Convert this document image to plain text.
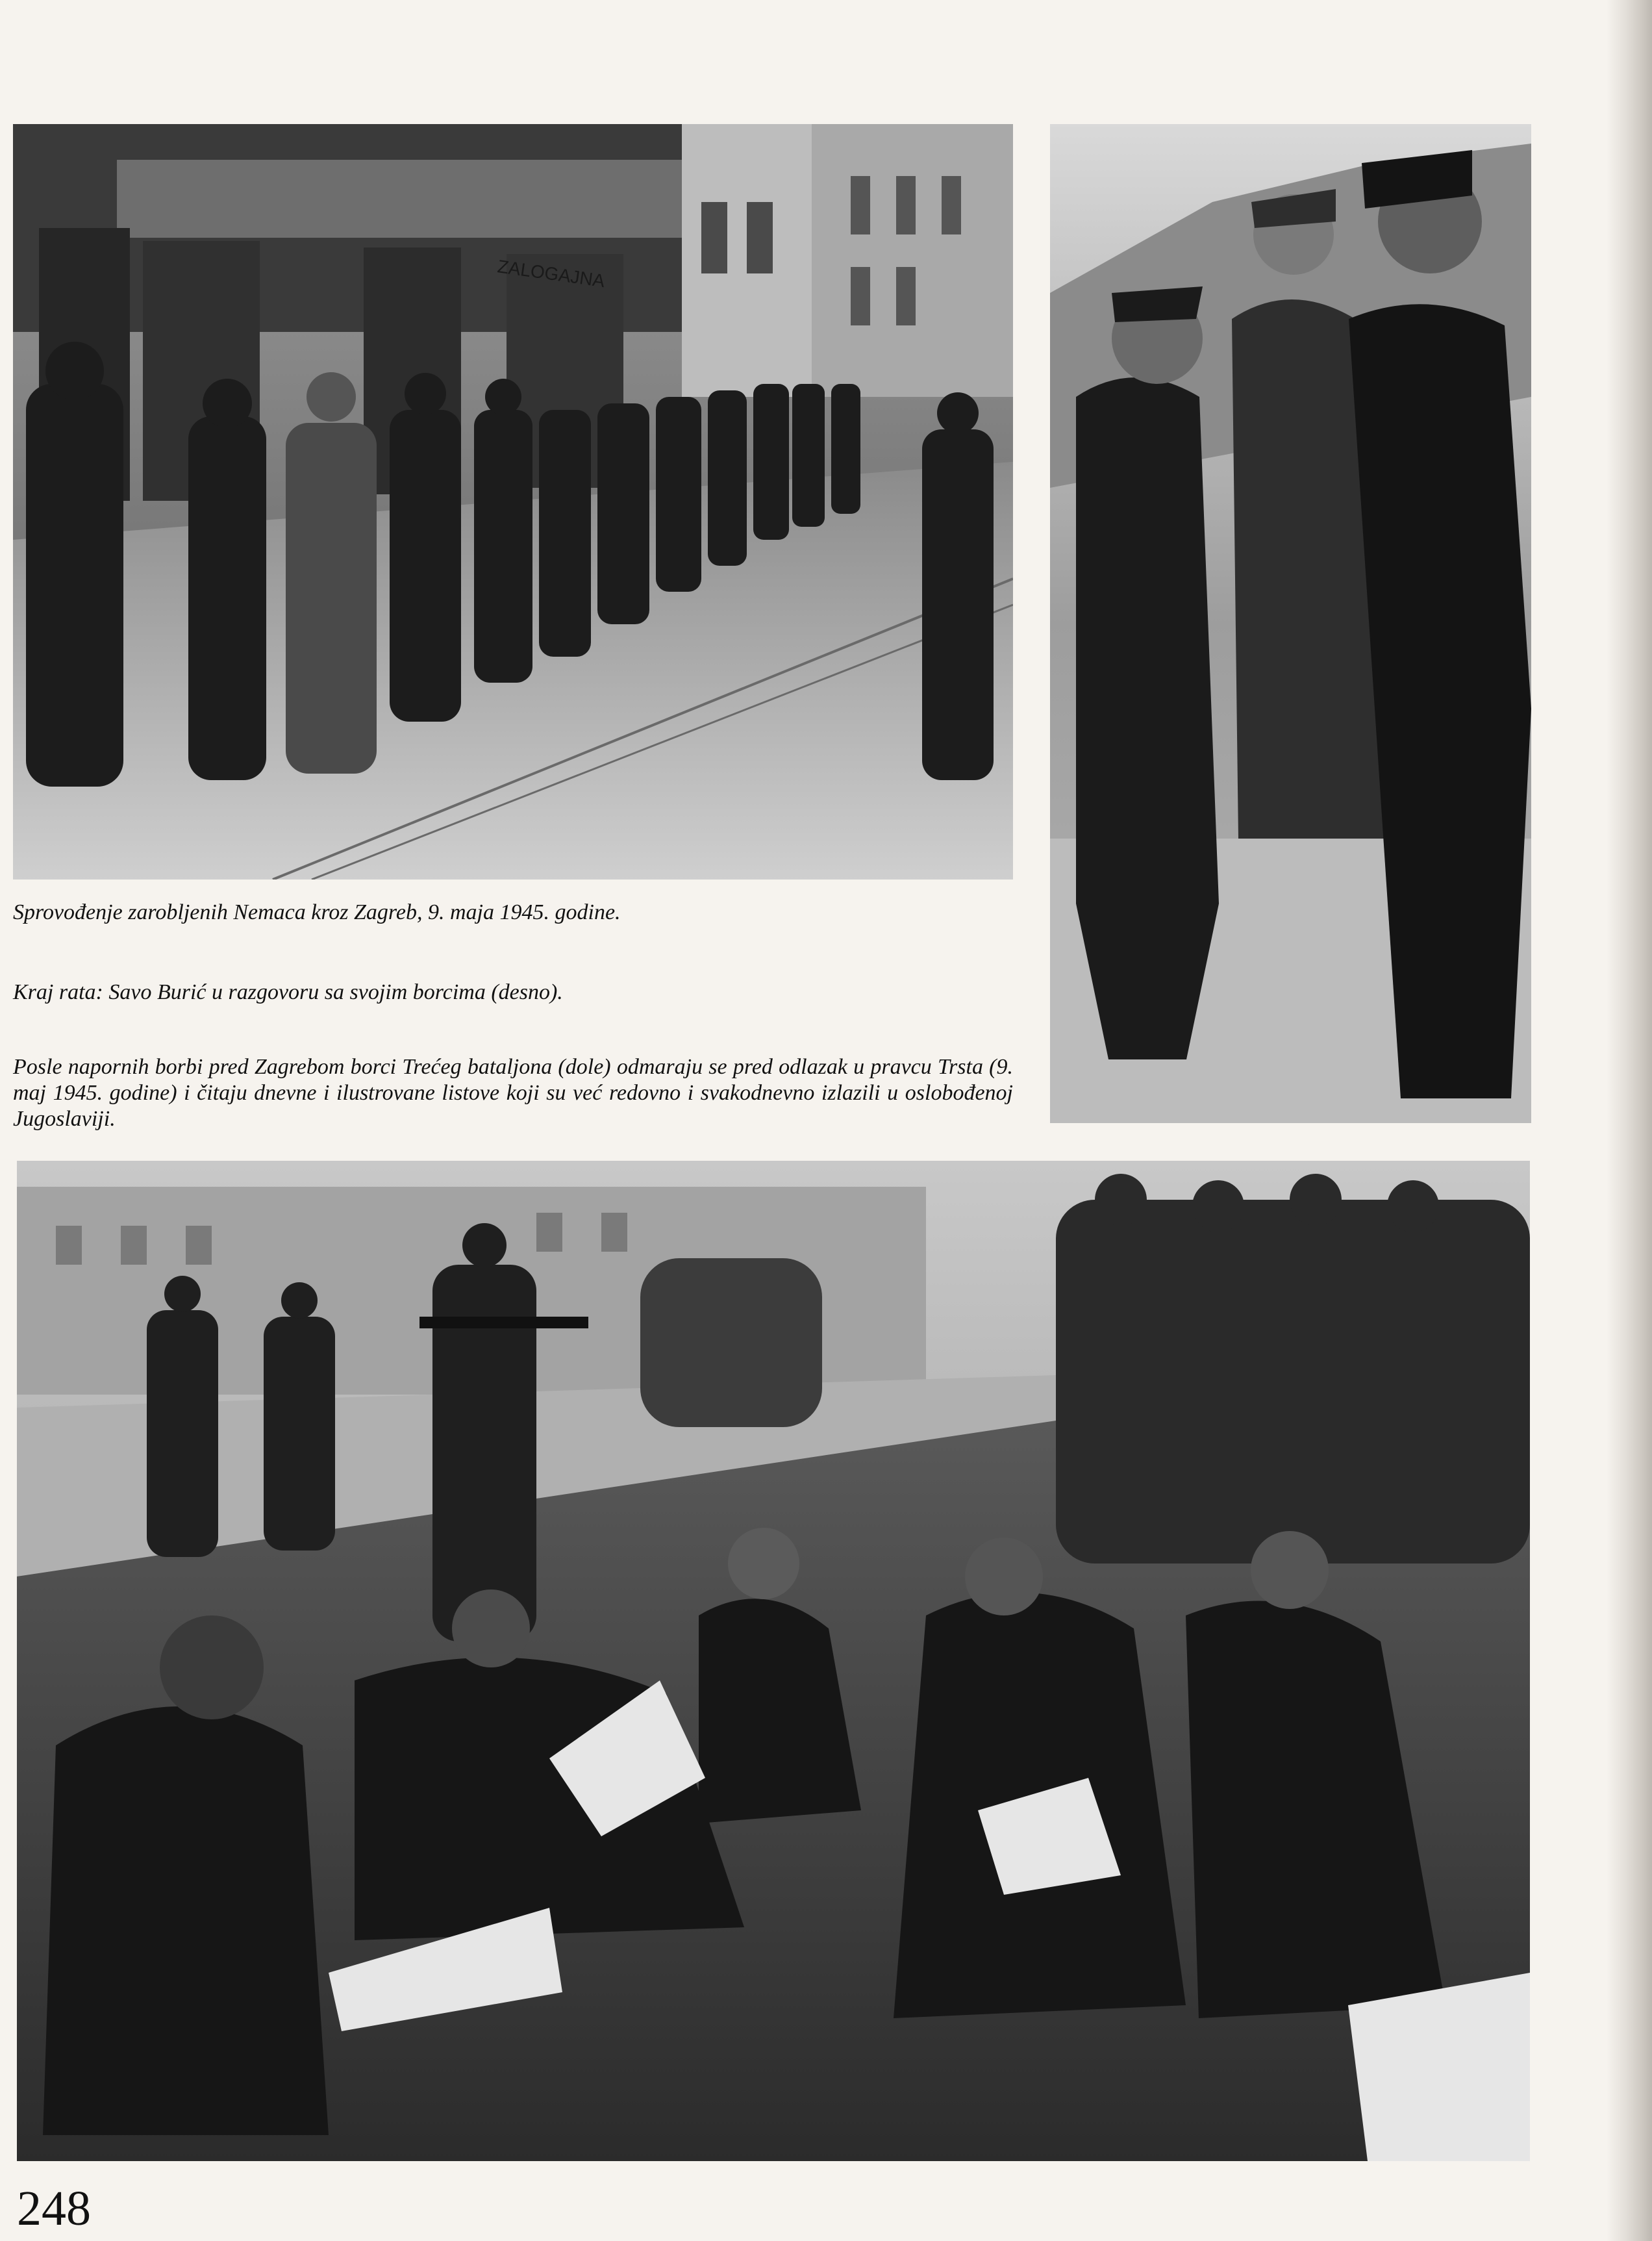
ZALOGAJNA
Sprovođenje zarobljenih Nemaca kroz Zagreb, 9. maja 1945. godine.
Kraj rata: Savo Burić u razgovoru sa svojim borcima (desno).
Posle napornih borbi pred Zagrebom borci Trećeg bataljona (dole) odmaraju se pred odlazak u pravcu Trsta (9. maj 1945. godine) i čitaju dnevne i ilustrovane listove koji su već redovno i svakodnevno izlazili u oslobođenoj Jugoslaviji.
248
